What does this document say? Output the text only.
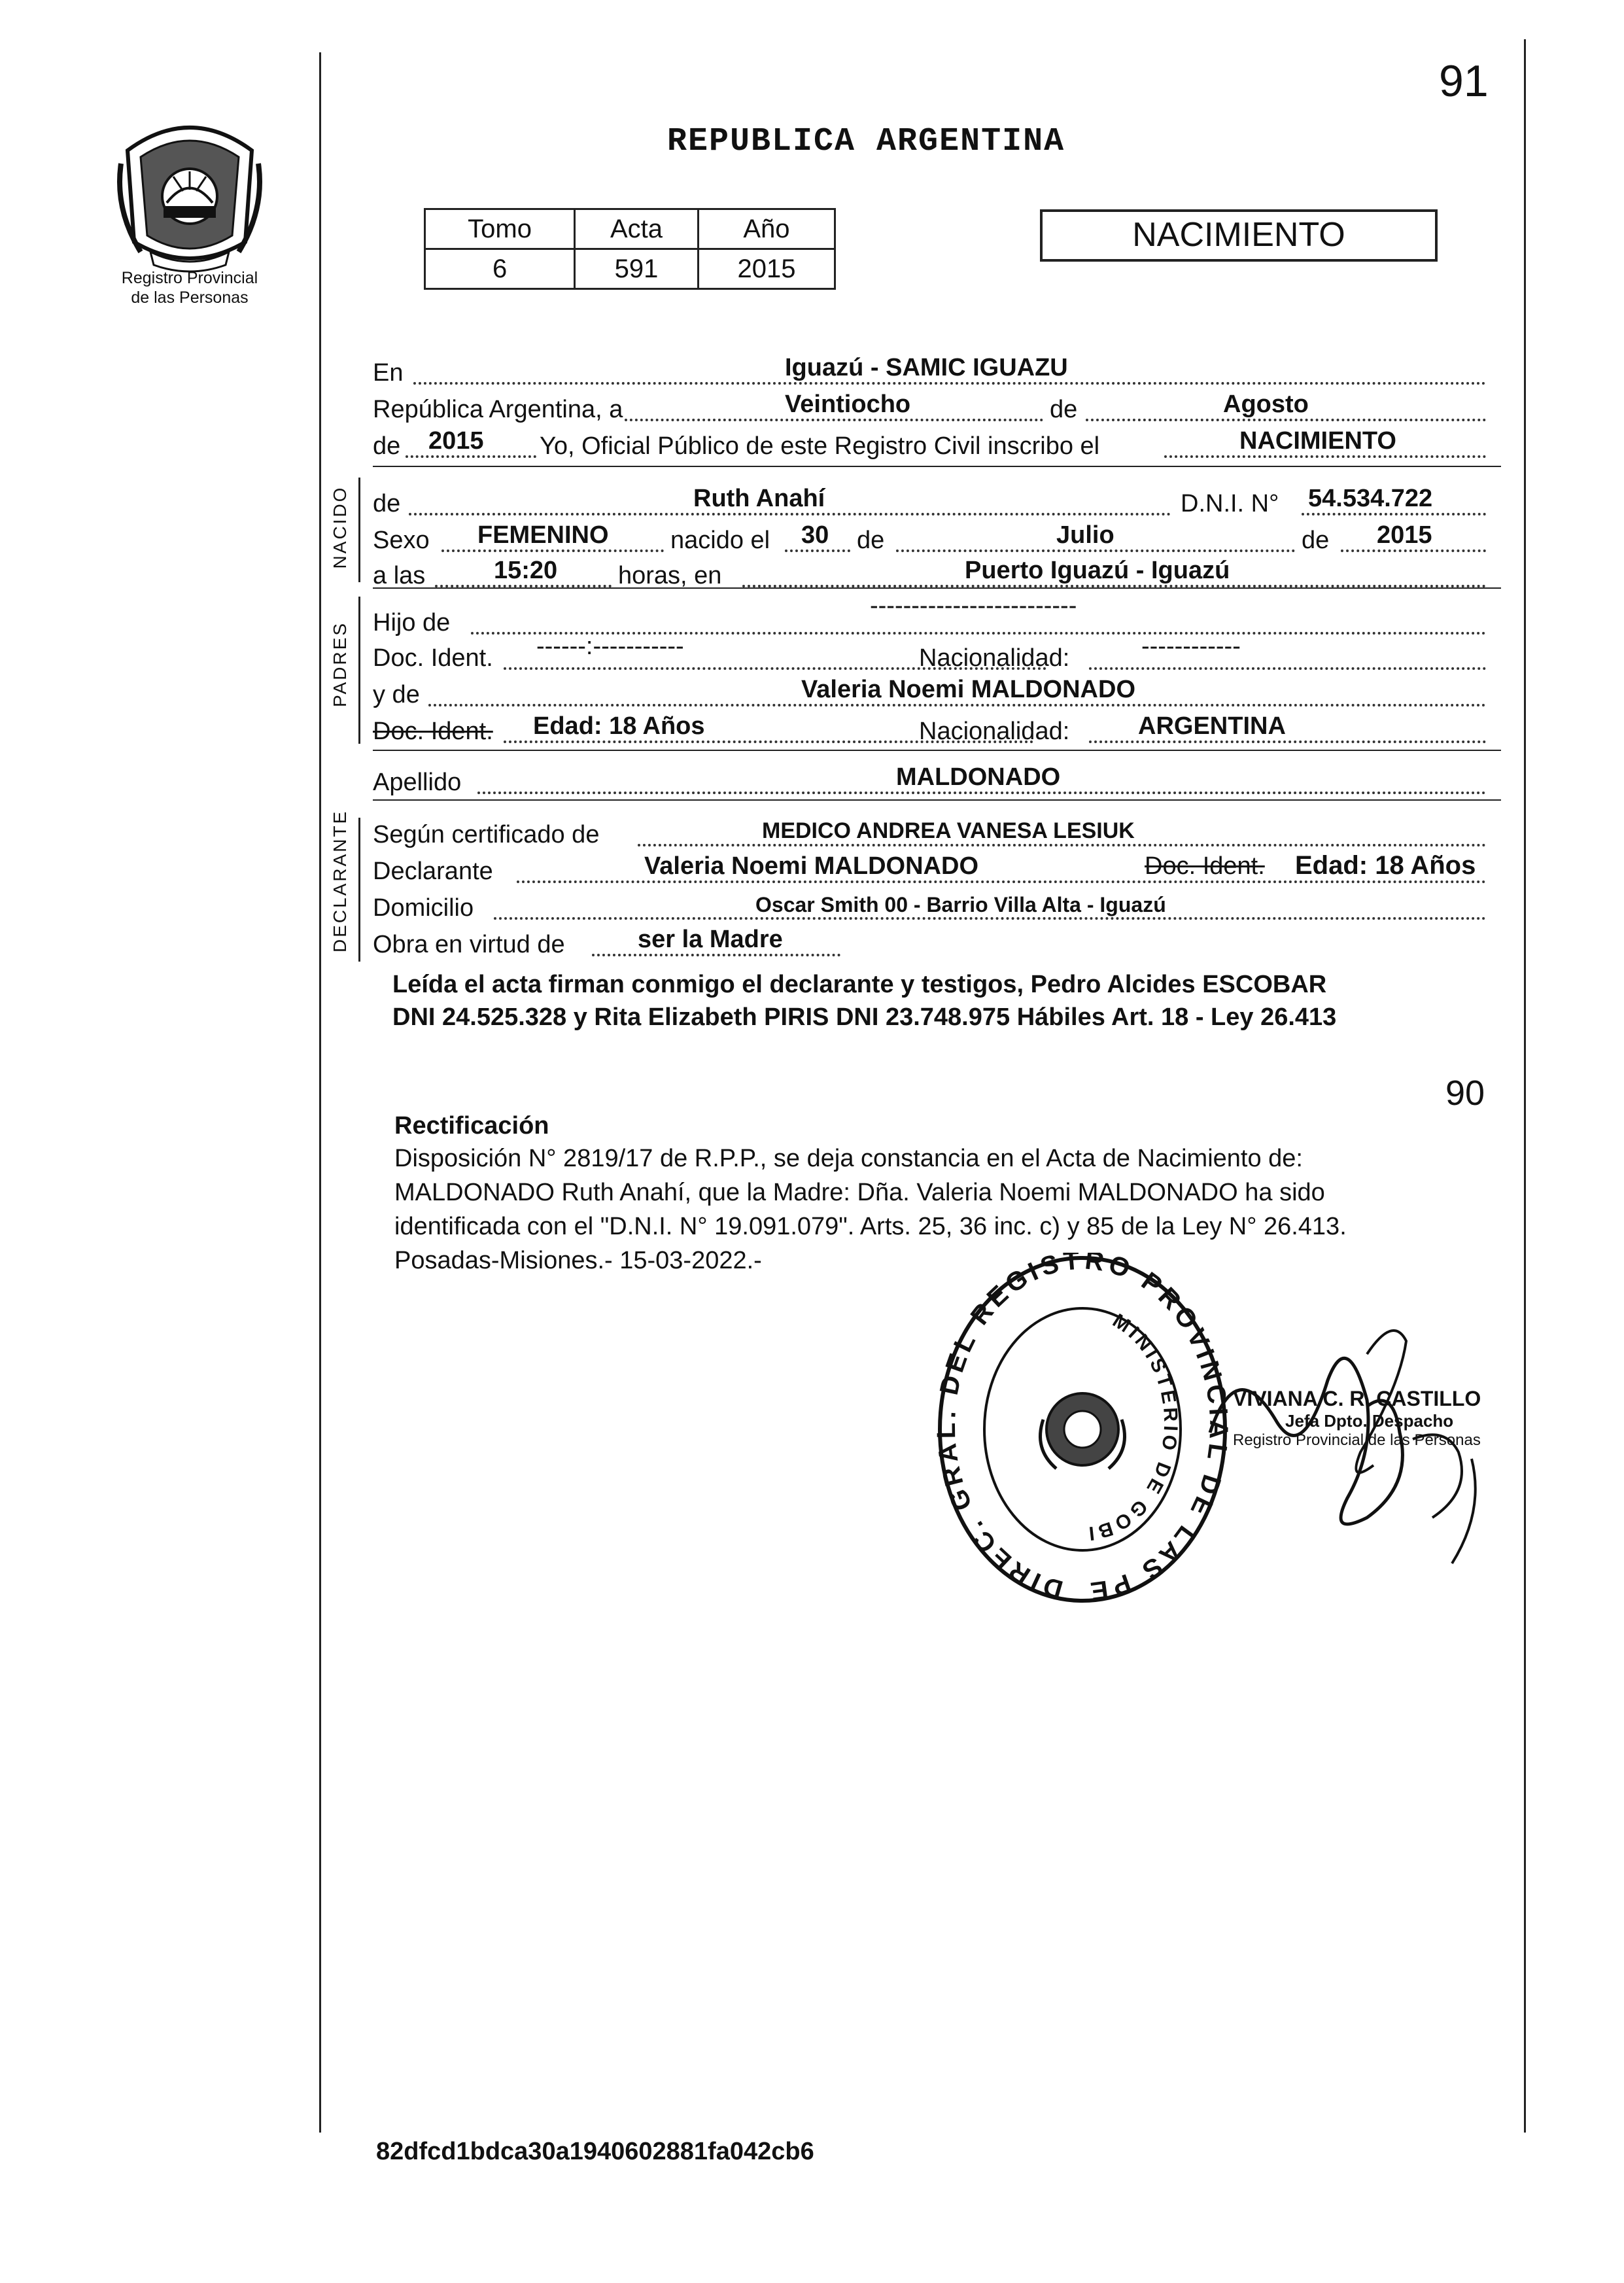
Registro Provincial
de las Personas
REPUBLICA ARGENTINA
91
Tomo	Acta	Año
6	591	2015
NACIMIENTO
NACIDO
PADRES
DECLARANTE
En	Iguazú - SAMIC IGUAZU
República Argentina, a	Veintiocho	de	Agosto
de 2015 Yo, Oficial Público de este Registro Civil inscribo el	NACIMIENTO
de	Ruth Anahí	D.N.I. N° 54.534.722
Sexo FEMENINO nacido el 30 de	Julio	de 2015
a las	15:20 horas, en	Puerto Iguazú - Iguazú
Hijo de
-------------------------
Doc. Ident. ------:-----------	Nacionalidad:	------------
y de	Valeria Noemi MALDONADO
Doc. Ident. Edad: 18 Años	Nacionalidad:	ARGENTINA
Apellido	MALDONADO
Según certificado de	MEDICO ANDREA VANESA LESIUK
Declarante	Valeria Noemi MALDONADO	Doc. Ident. Edad: 18 Años
Domicilio	Oscar Smith 00 - Barrio Villa Alta - Iguazú
Obra en virtud de	ser la Madre
Leída el acta firman conmigo el declarante y testigos, Pedro Alcides ESCOBAR
DNI 24.525.328 y Rita Elizabeth PIRIS DNI 23.748.975 Hábiles Art. 18 - Ley 26.413
90
Rectificación
Disposición N° 2819/17 de R.P.P., se deja constancia en el Acta de Nacimiento de:
MALDONADO Ruth Anahí, que la Madre: Dña. Valeria Noemi MALDONADO ha sido
identificada con el "D.N.I. N° 19.091.079". Arts. 25, 36 inc. c) y 85 de la Ley N° 26.413.
Posadas-Misiones.- 15-03-2022.-
DIREC. GRA DEL REGISTRO PROVINC L DE LAS PE
MINISTERIO DE GOBI
VIVIANA C. R. CASTILLO
Jefa Dpto. Despacho
Registro Provincial de las Personas
82dfcd1bdca30a1940602881fa042cb6
